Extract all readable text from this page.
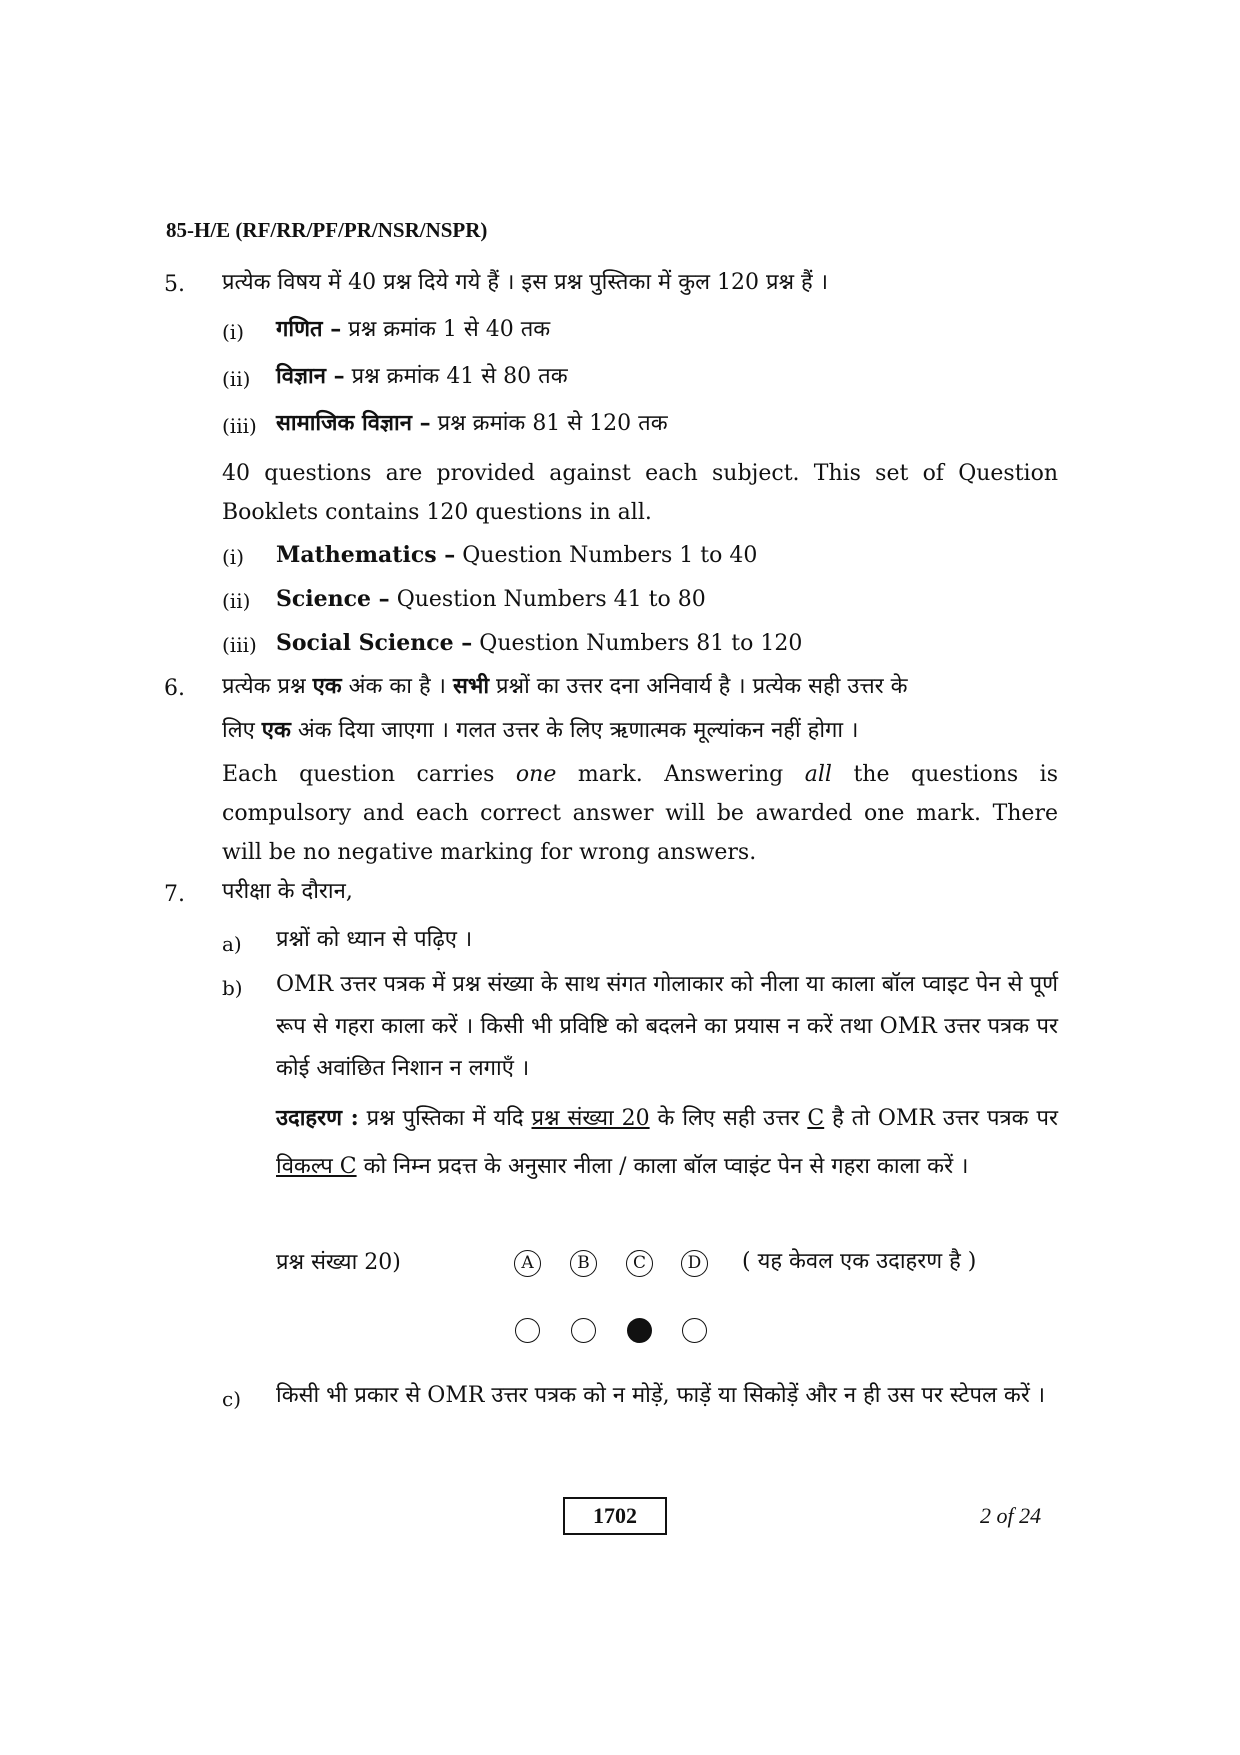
85-H/E (RF/RR/PF/PR/NSR/NSPR)
5. प्रत्येक विषय में 40 प्रश्न दिये गये हैं । इस प्रश्न पुस्तिका में कुल 120 प्रश्न हैं ।
(i) गणित – प्रश्न क्रमांक 1 से 40 तक
(ii) विज्ञान – प्रश्न क्रमांक 41 से 80 तक
(iii) सामाजिक विज्ञान – प्रश्न क्रमांक 81 से 120 तक
40 questions are provided against each subject. This set of Question Booklets contains 120 questions in all.
(i) Mathematics – Question Numbers 1 to 40
(ii) Science – Question Numbers 41 to 80
(iii) Social Science – Question Numbers 81 to 120
6. प्रत्येक प्रश्न एक अंक का है । सभी प्रश्नों का उत्तर दना अनिवार्य है । प्रत्येक सही उत्तर के
लिए एक अंक दिया जाएगा । गलत उत्तर के लिए ऋणात्मक मूल्यांकन नहीं होगा ।
Each question carries one mark. Answering all the questions is compulsory and each correct answer will be awarded one mark. There will be no negative marking for wrong answers.
7. परीक्षा के दौरान,
a) प्रश्नों को ध्यान से पढ़िए ।
b) OMR उत्तर पत्रक में प्रश्न संख्या के साथ संगत गोलाकार को नीला या काला बॉल प्वाइट पेन से पूर्ण रूप से गहरा काला करें । किसी भी प्रविष्टि को बदलने का प्रयास न करें तथा OMR उत्तर पत्रक पर कोई अवांछित निशान न लगाएँ ।
उदाहरण : प्रश्न पुस्तिका में यदि प्रश्न संख्या 20 के लिए सही उत्तर C है तो OMR उत्तर पत्रक पर विकल्प C को निम्न प्रदत्त के अनुसार नीला / काला बॉल प्वाइंट पेन से गहरा काला करें ।
प्रश्न संख्या 20)	A	B	C	D	( यह केवल एक उदाहरण है )
c) किसी भी प्रकार से OMR उत्तर पत्रक को न मोड़ें, फाड़ें या सिकोड़ें और न ही उस पर स्टेपल करें ।
1702	2 of 24
